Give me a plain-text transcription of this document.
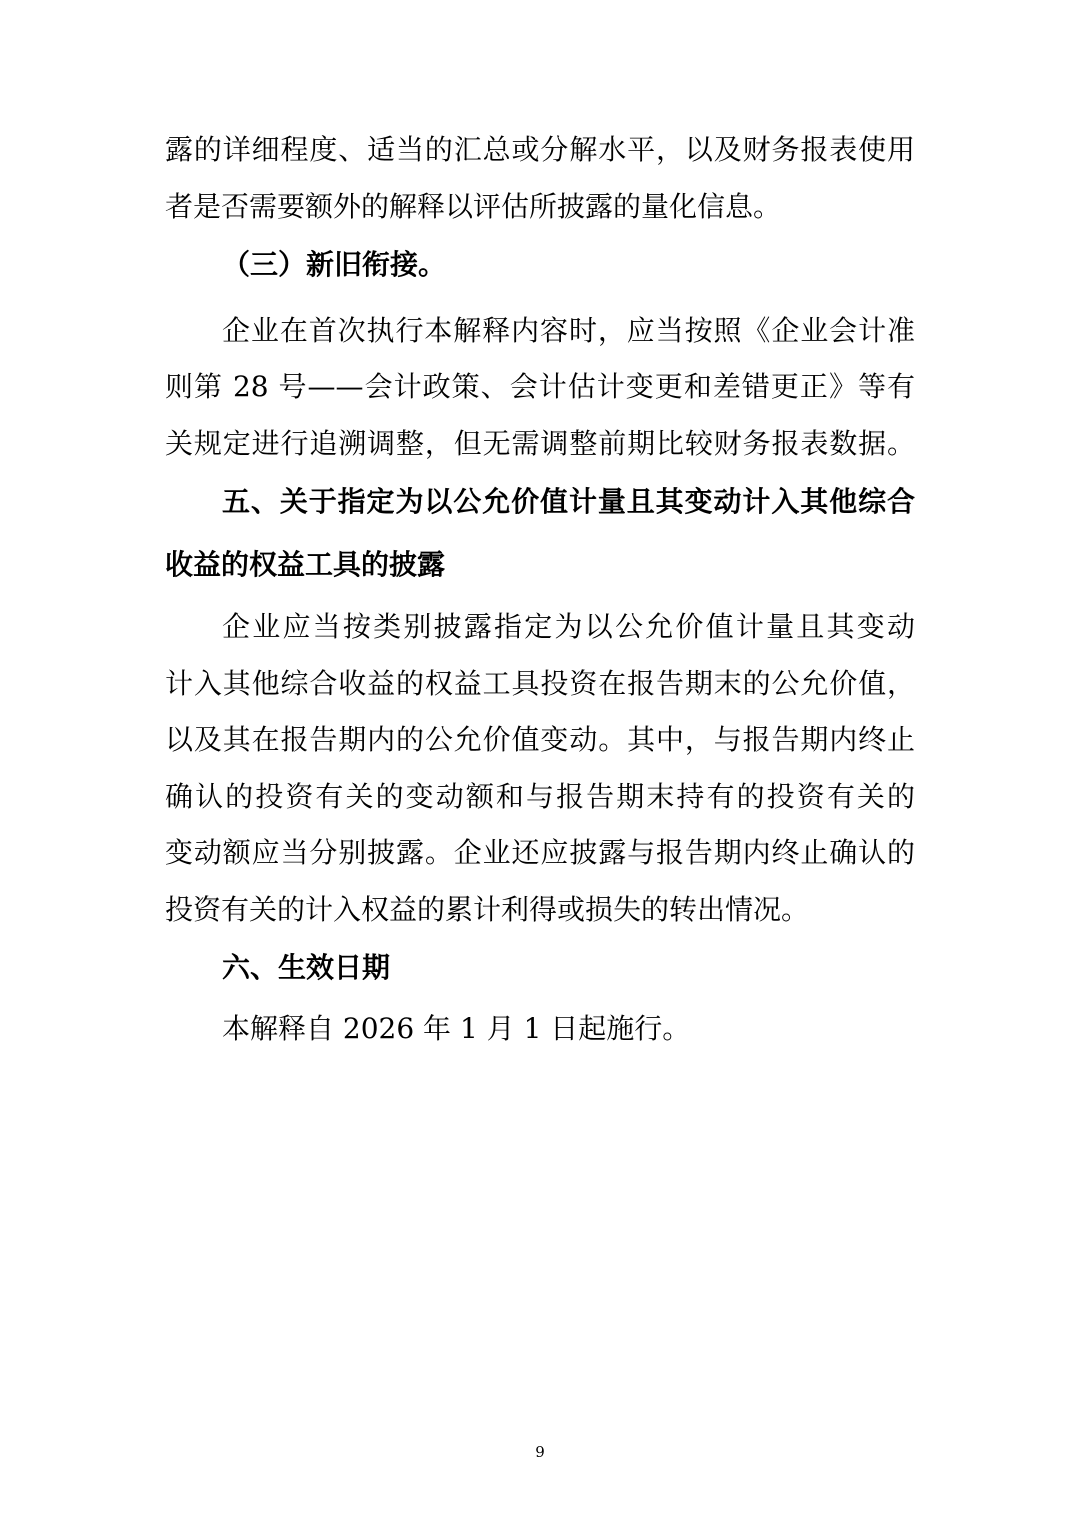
露的详细程度、适当的汇总或分解水平，以及财务报表使用
者是否需要额外的解释以评估所披露的量化信息。
（三）新旧衔接。
企业在首次执行本解释内容时，应当按照《企业会计准
则第 28 号——会计政策、会计估计变更和差错更正》等有
关规定进行追溯调整，但无需调整前期比较财务报表数据。
五、关于指定为以公允价值计量且其变动计入其他综合
收益的权益工具的披露
企业应当按类别披露指定为以公允价值计量且其变动
计入其他综合收益的权益工具投资在报告期末的公允价值，
以及其在报告期内的公允价值变动。其中，与报告期内终止
确认的投资有关的变动额和与报告期末持有的投资有关的
变动额应当分别披露。企业还应披露与报告期内终止确认的
投资有关的计入权益的累计利得或损失的转出情况。
六、生效日期
本解释自 2026 年 1 月 1 日起施行。
9
